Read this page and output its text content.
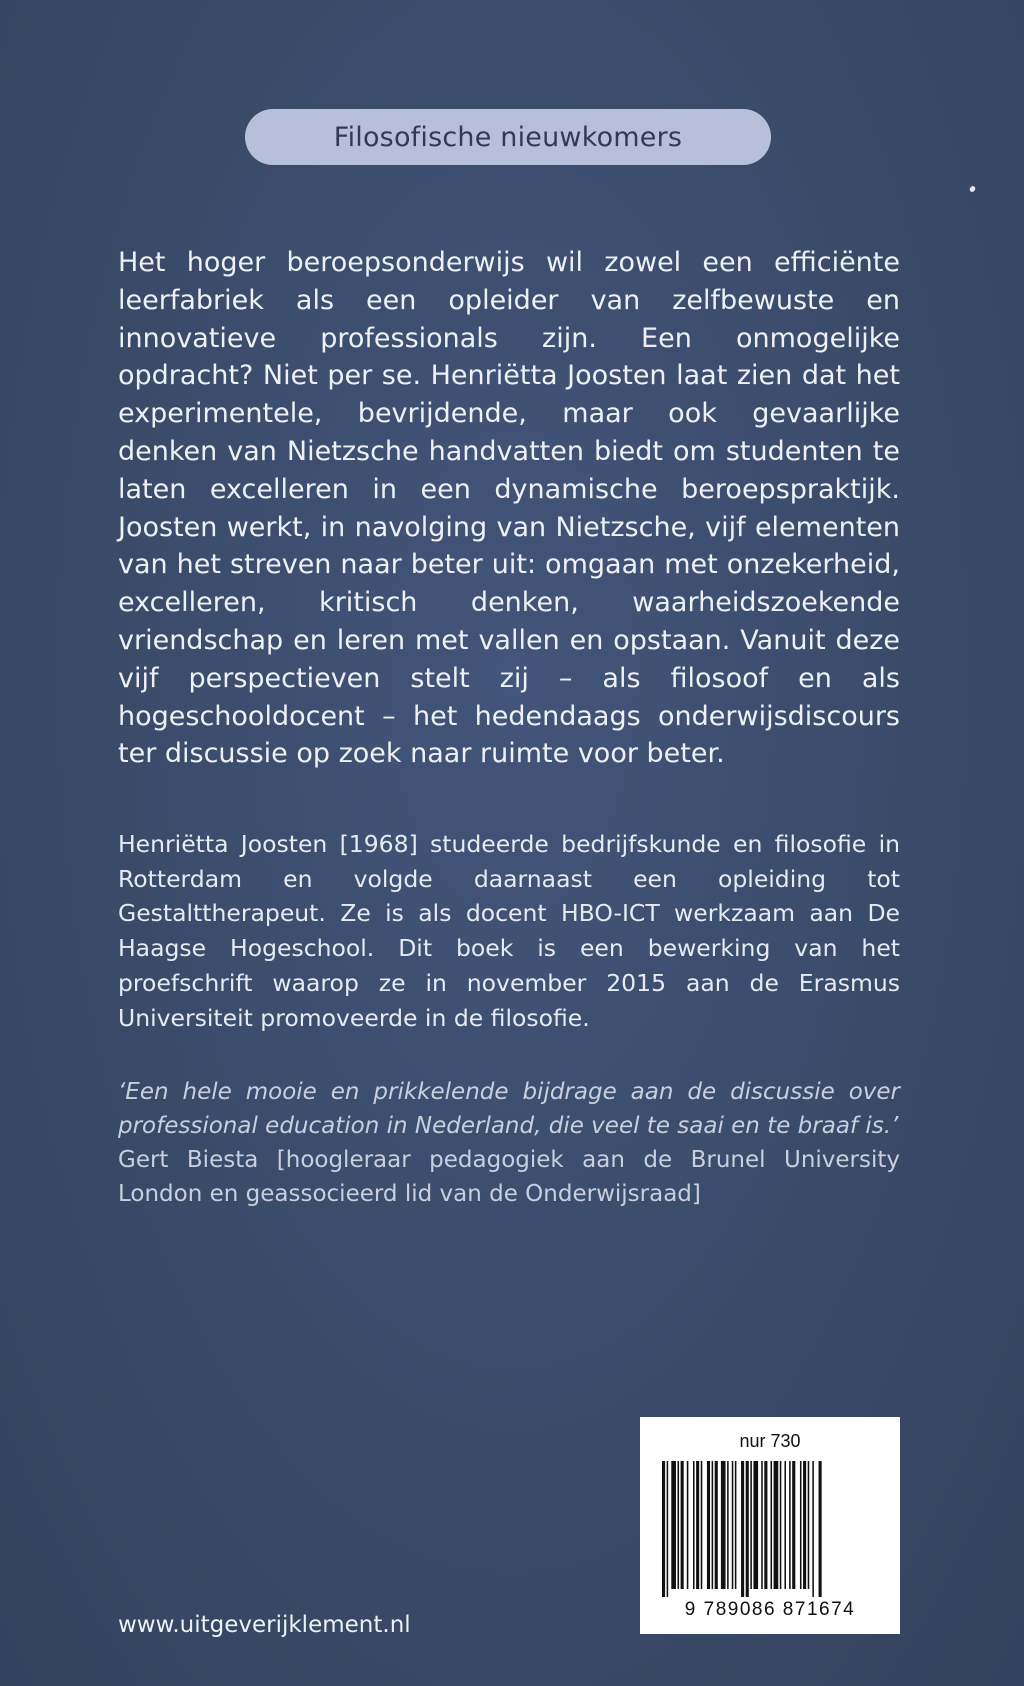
Filosofische nieuwkomers

Het hoger beroepsonderwijs wil zowel een efficiënte leerfabriek als een opleider van zelfbewuste en innovatieve professionals zijn. Een onmogelijke opdracht? Niet per se. Henriëtta Joosten laat zien dat het experimentele, bevrijdende, maar ook gevaarlijke denken van Nietzsche handvatten biedt om studenten te laten excelleren in een dynamische beroepspraktijk. Joosten werkt, in navolging van Nietzsche, vijf elementen van het streven naar beter uit: omgaan met onzekerheid, excelleren, kritisch denken, waarheidszoekende vriendschap en leren met vallen en opstaan. Vanuit deze vijf perspectieven stelt zij – als filosoof en als hogeschooldocent – het hedendaags onderwijsdiscours ter discussie op zoek naar ruimte voor beter.

Henriëtta Joosten [1968] studeerde bedrijfskunde en filosofie in Rotterdam en volgde daarnaast een opleiding tot Gestalttherapeut. Ze is als docent HBO-ICT werkzaam aan De Haagse Hogeschool. Dit boek is een bewerking van het proefschrift waarop ze in november 2015 aan de Erasmus Universiteit promoveerde in de filosofie.

‘Een hele mooie en prikkelende bijdrage aan de discussie over professional education in Nederland, die veel te saai en te braaf is.’

Gert Biesta [hoogleraar pedagogiek aan de Brunel University London en geassocieerd lid van de Onderwijsraad]

nur 730
9 789086 871674
www.uitgeverijklement.nl
